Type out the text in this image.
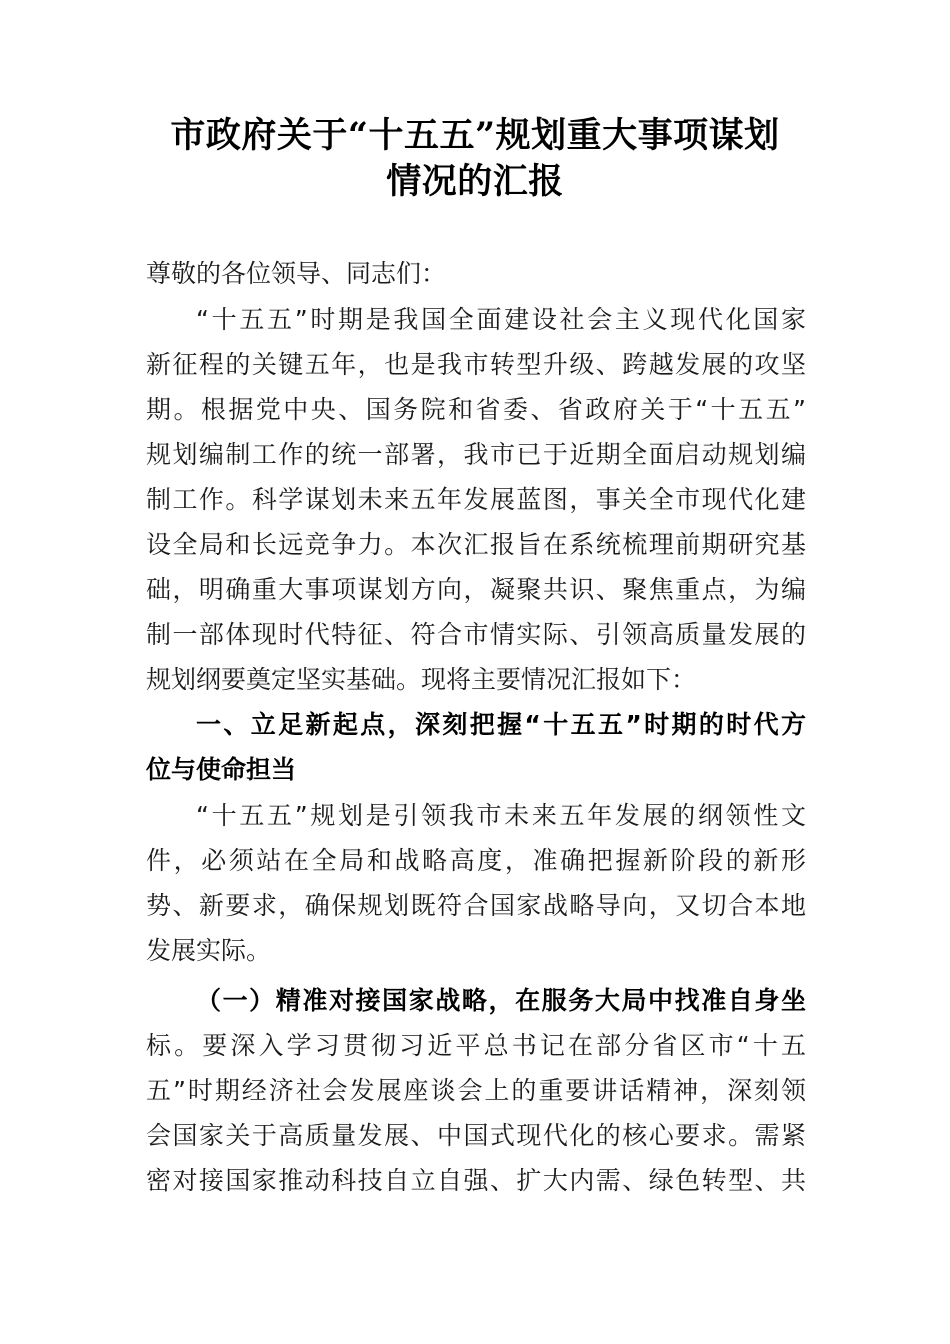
市政府关于“十五五”规划重大事项谋划
情况的汇报
尊敬的各位领导、同志们：
“十五五”时期是我国全面建设社会主义现代化国家
新征程的关键五年，也是我市转型升级、跨越发展的攻坚
期。根据党中央、国务院和省委、省政府关于“十五五”
规划编制工作的统一部署，我市已于近期全面启动规划编
制工作。科学谋划未来五年发展蓝图，事关全市现代化建
设全局和长远竞争力。本次汇报旨在系统梳理前期研究基
础，明确重大事项谋划方向，凝聚共识、聚焦重点，为编
制一部体现时代特征、符合市情实际、引领高质量发展的
规划纲要奠定坚实基础。现将主要情况汇报如下：
一、立足新起点，深刻把握“十五五”时期的时代方
位与使命担当
“十五五”规划是引领我市未来五年发展的纲领性文
件，必须站在全局和战略高度，准确把握新阶段的新形
势、新要求，确保规划既符合国家战略导向，又切合本地
发展实际。
（一）精准对接国家战略，在服务大局中找准自身坐
标。要深入学习贯彻习近平总书记在部分省区市“十五
五”时期经济社会发展座谈会上的重要讲话精神，深刻领
会国家关于高质量发展、中国式现代化的核心要求。需紧
密对接国家推动科技自立自强、扩大内需、绿色转型、共
